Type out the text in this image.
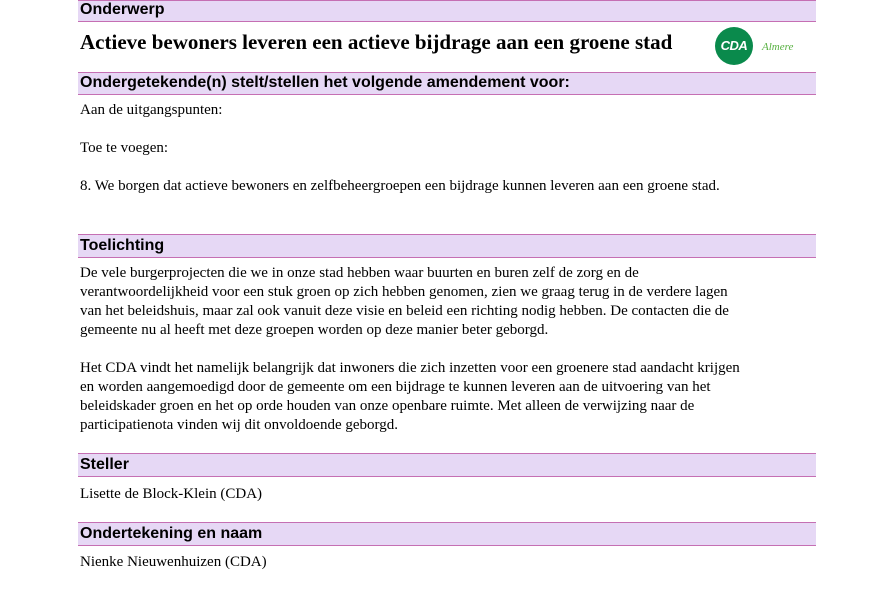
Onderwerp
Actieve bewoners leveren een actieve bijdrage aan een groene stad	CDA	Almere
Ondergetekende(n) stelt/stellen het volgende amendement voor:
Aan de uitgangspunten:
Toe te voegen:
8. We borgen dat actieve bewoners en zelfbeheergroepen een bijdrage kunnen leveren aan een groene stad.
Toelichting
De vele burgerprojecten die we in onze stad hebben waar buurten en buren zelf de zorg en de
verantwoordelijkheid voor een stuk groen op zich hebben genomen, zien we graag terug in de verdere lagen
van het beleidshuis, maar zal ook vanuit deze visie en beleid een richting nodig hebben. De contacten die de
gemeente nu al heeft met deze groepen worden op deze manier beter geborgd.
Het CDA vindt het namelijk belangrijk dat inwoners die zich inzetten voor een groenere stad aandacht krijgen
en worden aangemoedigd door de gemeente om een bijdrage te kunnen leveren aan de uitvoering van het
beleidskader groen en het op orde houden van onze openbare ruimte. Met alleen de verwijzing naar de
participatienota vinden wij dit onvoldoende geborgd.
Steller
Lisette de Block-Klein (CDA)
Ondertekening en naam
Nienke Nieuwenhuizen (CDA)
